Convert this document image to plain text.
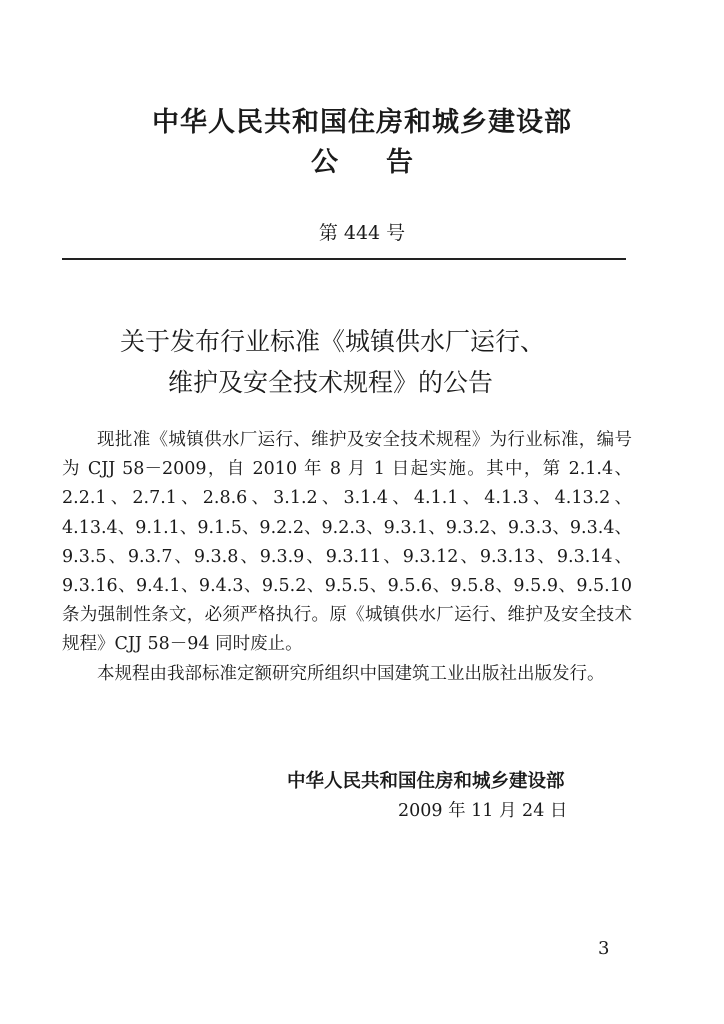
中华人民共和国住房和城乡建设部
公告
第 444 号
关于发布行业标准《城镇供水厂运行、
维护及安全技术规程》的公告

现批准《城镇供水厂运行、维护及安全技术规程》为行业标准，编号为 CJJ 58－2009，自 2010 年 8 月 1 日起实施。其中，第 2.1.4、2.2.1、2.7.1、2.8.6、3.1.2、3.1.4、4.1.1、4.1.3、4.13.2、4.13.4、9.1.1、9.1.5、9.2.2、9.2.3、9.3.1、9.3.2、9.3.3、9.3.4、9.3.5、9.3.7、9.3.8、9.3.9、9.3.11、9.3.12、9.3.13、9.3.14、9.3.16、9.4.1、9.4.3、9.5.2、9.5.5、9.5.6、9.5.8、9.5.9、9.5.10 条为强制性条文，必须严格执行。原《城镇供水厂运行、维护及安全技术规程》CJJ 58－94 同时废止。

本规程由我部标准定额研究所组织中国建筑工业出版社出版发行。

中华人民共和国住房和城乡建设部
2009 年 11 月 24 日
3
